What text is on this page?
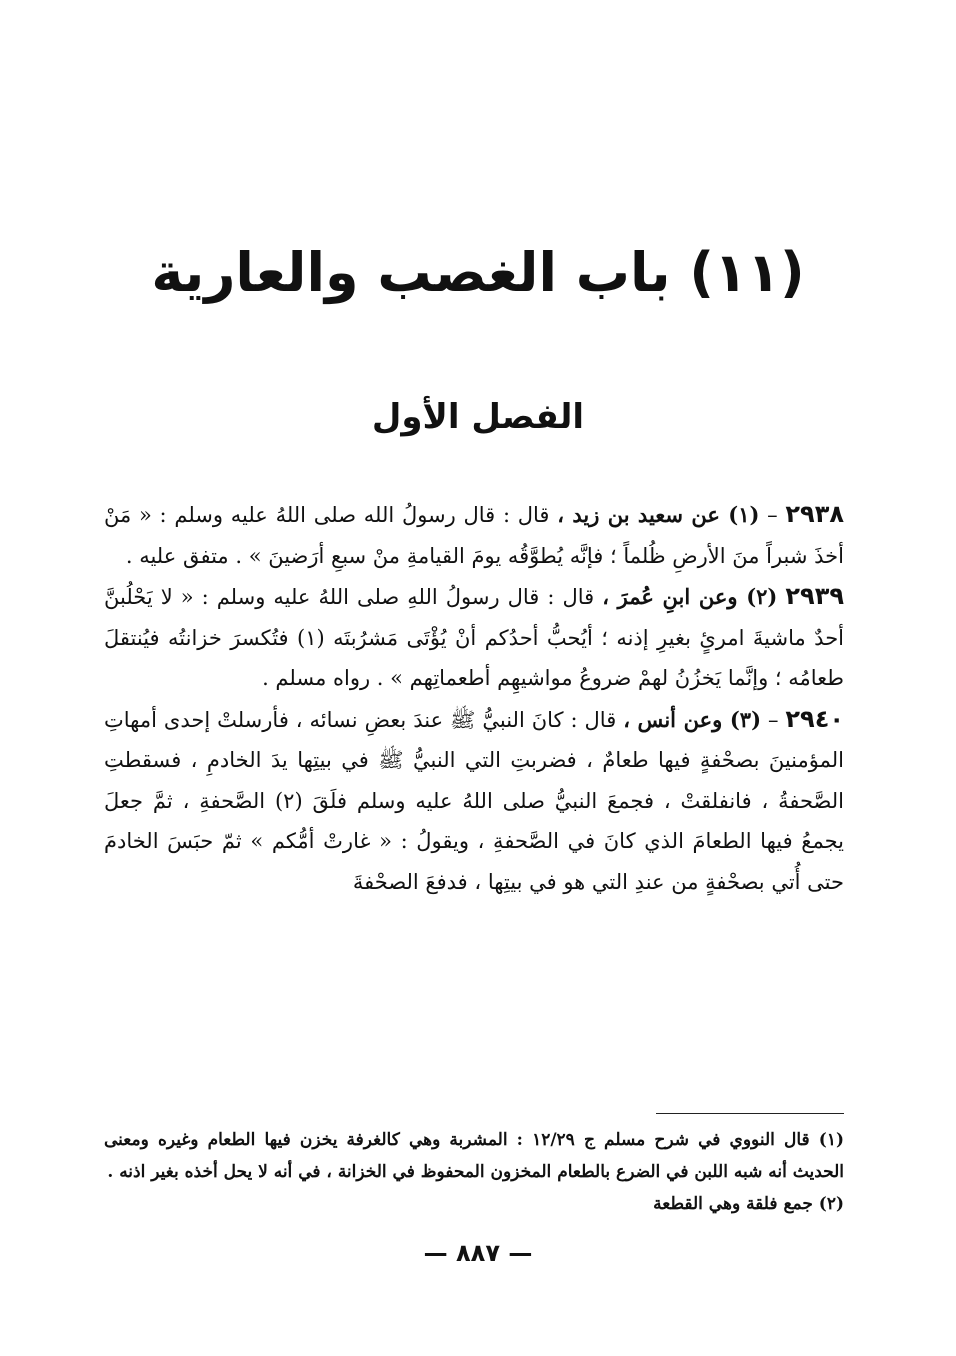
(١١) باب الغصب والعارية
الفصل الأول

٢٩٣٨ – (١) عن سعيد بن زيد ، قال : قال رسولُ الله صلى اللهُ عليه وسلم : « مَنْ أخذَ شبراً منَ الأرضِ ظُلماً ؛ فإنَّه يُطوَّقُه يومَ القيامةِ منْ سبعِ أرَضينَ » . متفق عليه .

٢٩٣٩ (٢) وعن ابنِ عُمرَ ، قال : قال رسولُ اللهِ صلى اللهُ عليه وسلم : « لا يَحْلُبنَّ أحدٌ ماشيةَ امرئٍ بغيرِ إذنه ؛ أيُحبُّ أحدُكم أنْ يُؤْتَى مَشرُبتَه (١) فتُكسرَ خزانتُه فيُنتقلَ طعامُه ؛ وإنَّما يَخزُنُ لهمْ ضروعُ مواشيهِم أطعماتِهم » . رواه مسلم .

٢٩٤٠ – (٣) وعن أنس ، قال : كانَ النبيُّ ﷺ عندَ بعضِ نسائه ، فأرسلتْ إحدى أمهاتِ المؤمنينَ بصحْفةٍ فيها طعامٌ ، فضربتِ التي النبيُّ ﷺ في بيتِها يدَ الخادمِ ، فسقطتِ الصَّحفةُ ، فانفلقتْ ، فجمعَ النبيُّ صلى اللهُ عليه وسلم فلَقَ (٢) الصَّحفةِ ، ثمَّ جعلَ يجمعُ فيها الطعامَ الذي كانَ في الصَّحفةِ ، ويقولُ : « غارتْ أمُّكم » ثمّ حبَسَ الخادمَ حتى أُتي بصحْفةٍ من عندِ التي هو في بيتِها ، فدفعَ الصحْفةَ

(١) قال النووي في شرح مسلم ج ١٢/٢٩ : المشربة وهي كالغرفة يخزن فيها الطعام وغيره ومعنى الحديث أنه شبه اللبن في الضرع بالطعام المخزون المحفوظ في الخزانة ، في أنه لا يحل أخذه بغير اذنه .

(٢) جمع فلقة وهي القطعة

— ٨٨٧ —
